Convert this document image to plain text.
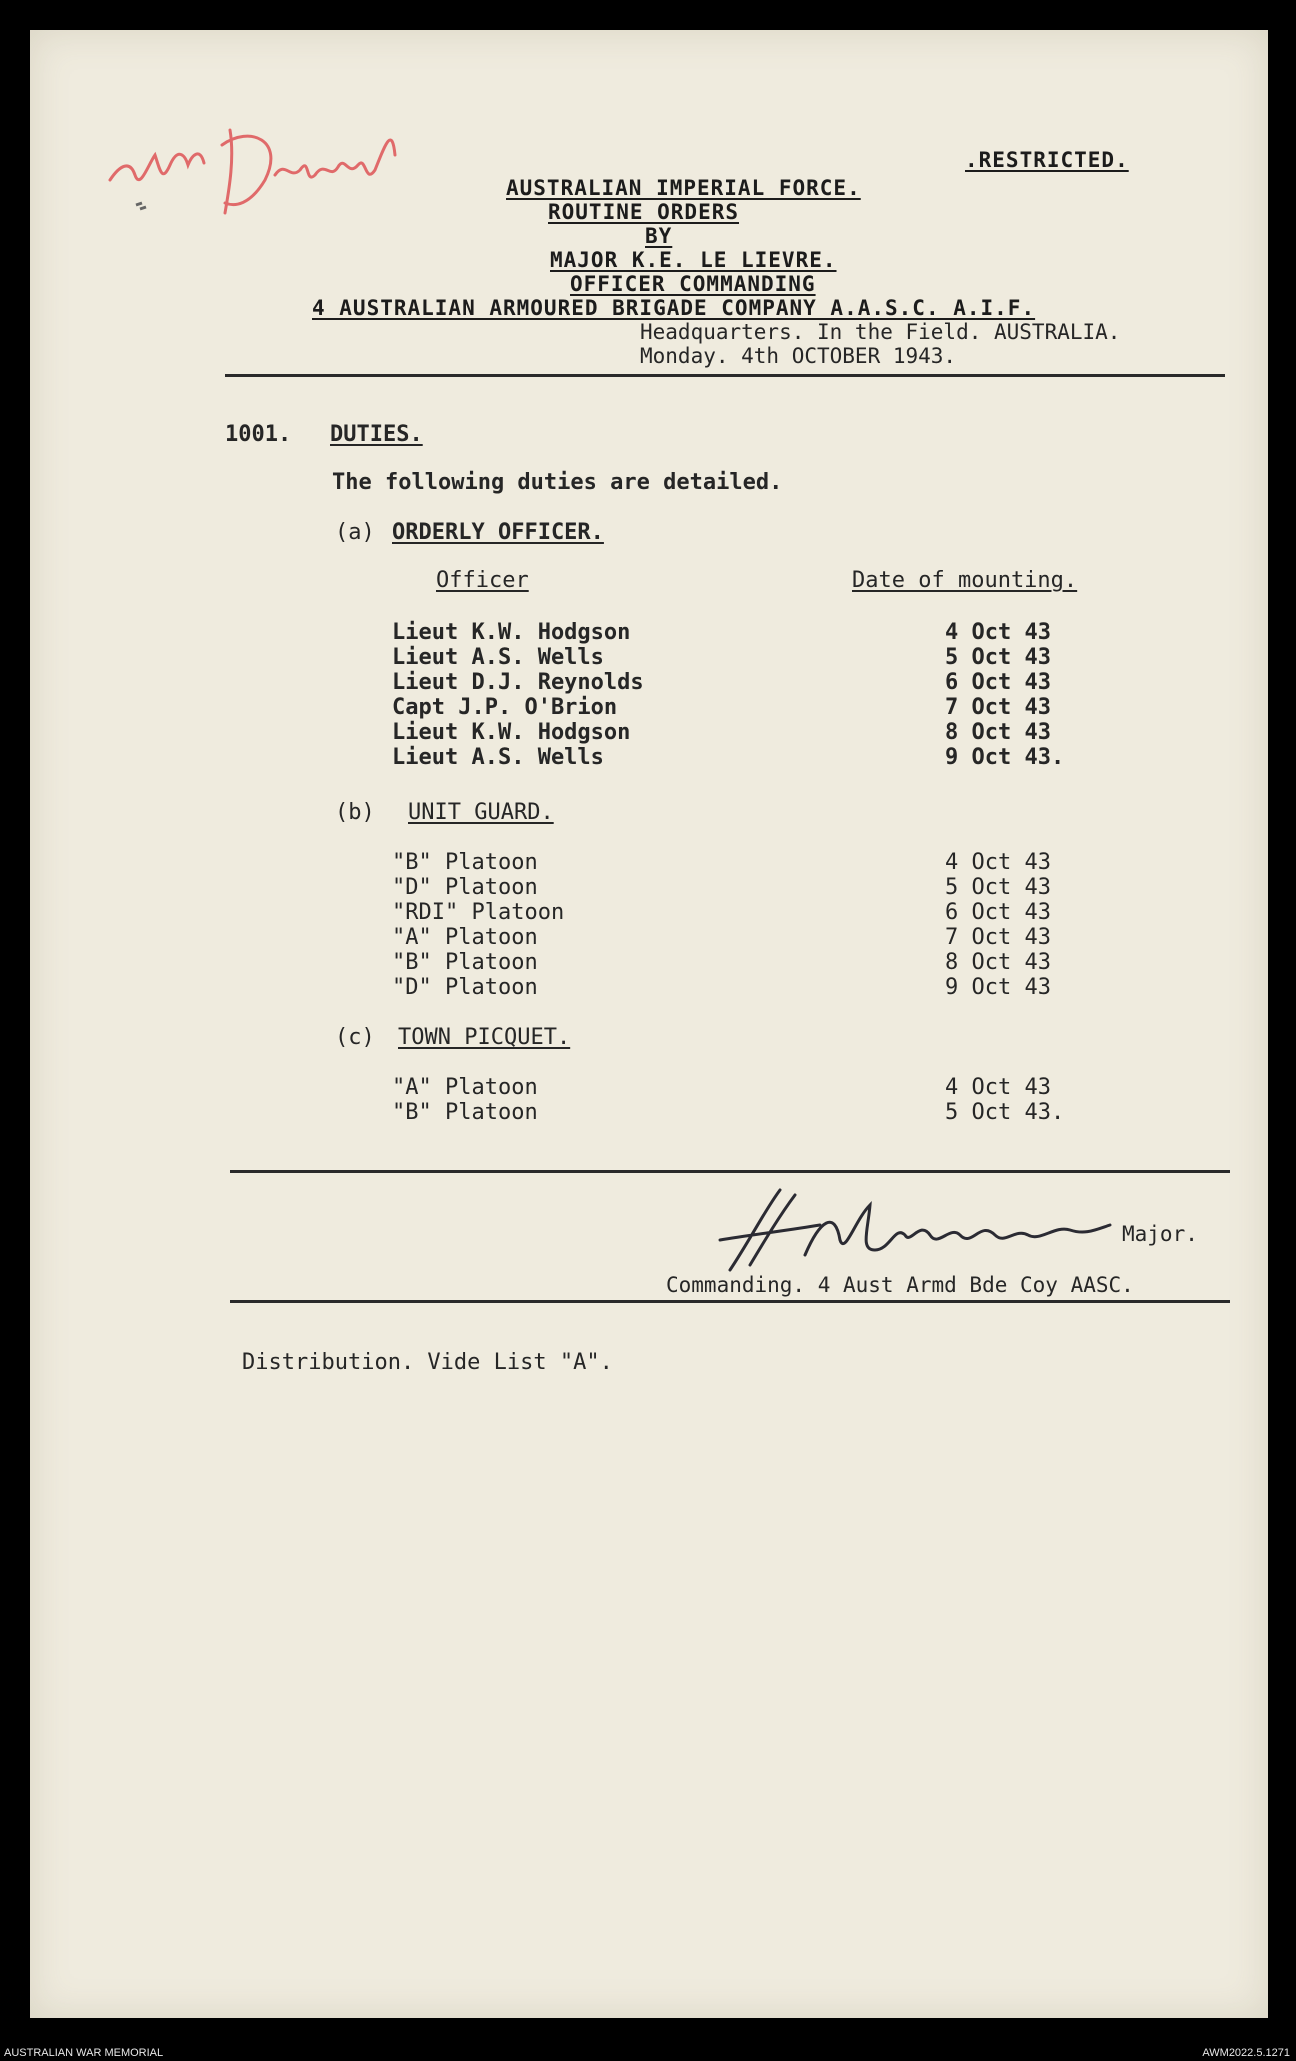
.RESTRICTED.
AUSTRALIAN IMPERIAL FORCE.
ROUTINE ORDERS
BY
MAJOR K.E. LE LIEVRE.
OFFICER COMMANDING
4 AUSTRALIAN ARMOURED BRIGADE COMPANY A.A.S.C. A.I.F.
Headquarters. In the Field. AUSTRALIA.
Monday. 4th OCTOBER 1943.
1001. DUTIES.
The following duties are detailed.
(a) ORDERLY OFFICER.
Officer	Date of mounting.
Lieut K.W. Hodgson	4 Oct 43
Lieut A.S. Wells	5 Oct 43
Lieut D.J. Reynolds	6 Oct 43
Capt J.P. O'Brion	7 Oct 43
Lieut K.W. Hodgson	8 Oct 43
Lieut A.S. Wells	9 Oct 43.
(b) UNIT GUARD.
"B" Platoon	4 Oct 43
"D" Platoon	5 Oct 43
"RDI" Platoon	6 Oct 43
"A" Platoon	7 Oct 43
"B" Platoon	8 Oct 43
"D" Platoon	9 Oct 43
(c) TOWN PICQUET.
"A" Platoon	4 Oct 43
"B" Platoon	5 Oct 43.
Major.
Commanding. 4 Aust Armd Bde Coy AASC.
Distribution. Vide List "A".
AUSTRALIAN WAR MEMORIAL	AWM2022.5.1271
